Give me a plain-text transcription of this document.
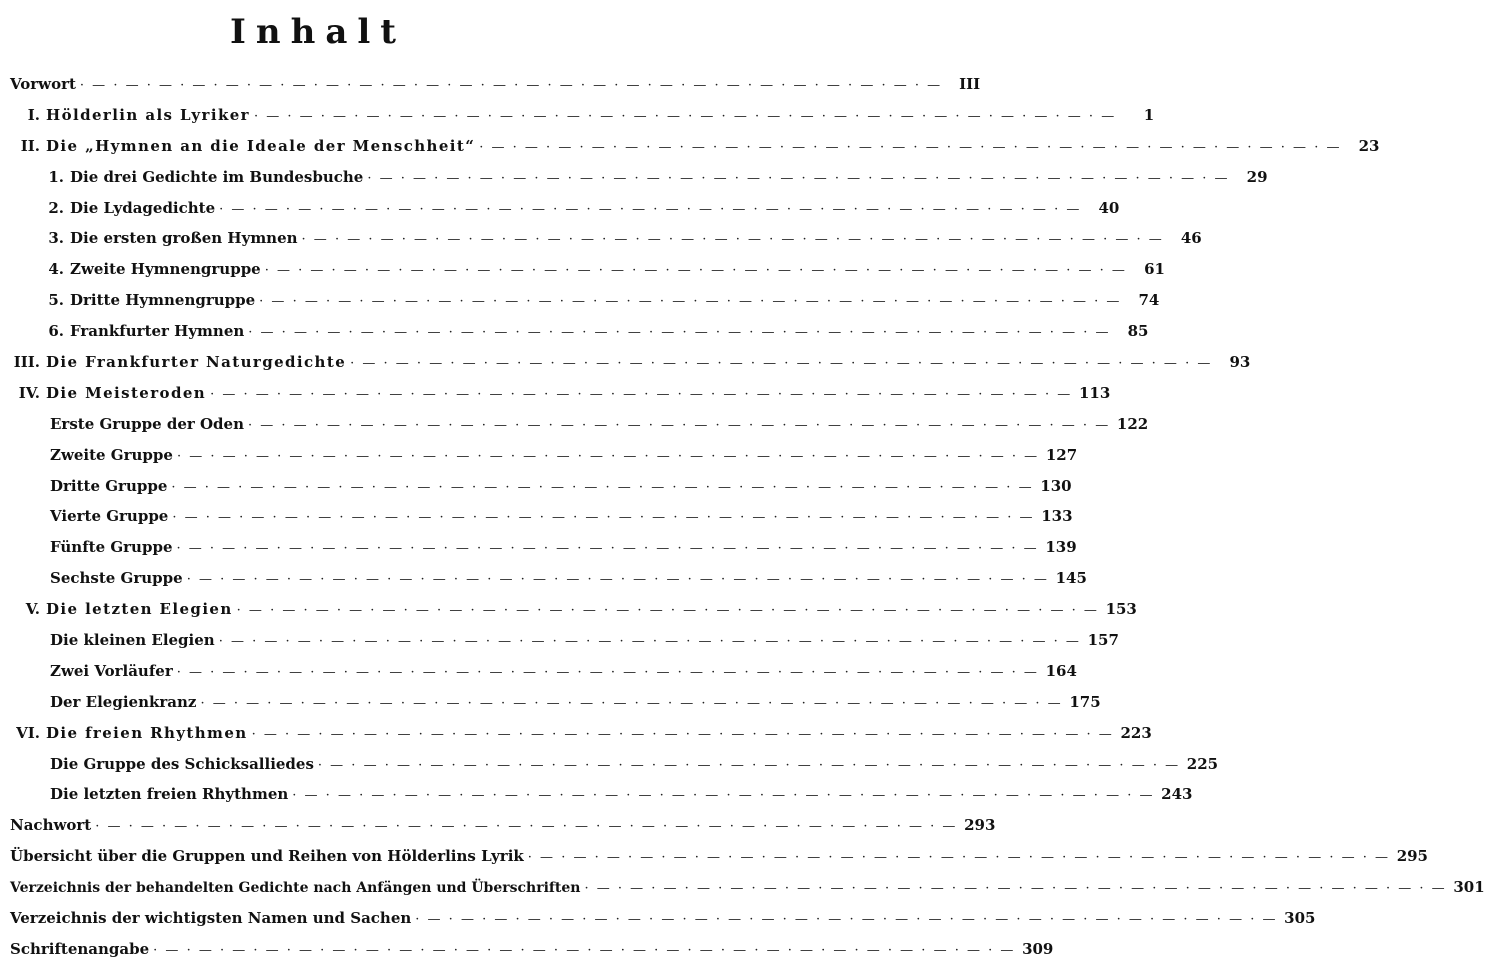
Inhalt
Vorwort · — ·	III
I. Hölderlin als Lyriker · — ·	1
II. Die „Hymnen an die Ideale der Menschheit“ · — ·	23
1. Die drei Gedichte im Bundesbuche · — ·	29
2. Die Lydagedichte · — ·	40
3. Die ersten großen Hymnen · — ·	46
4. Zweite Hymnengruppe · — ·	61
5. Dritte Hymnengruppe · — ·	74
6. Frankfurter Hymnen · — ·	85
III. Die Frankfurter Naturgedichte · — ·	93
IV. Die Meisteroden · — ·	113
Erste Gruppe der Oden · — ·	122
Zweite Gruppe · — ·	127
Dritte Gruppe · — ·	130
Vierte Gruppe · — ·	133
Fünfte Gruppe · — ·	139
Sechste Gruppe · — ·	145
V. Die letzten Elegien · — ·	153
Die kleinen Elegien · — ·	157
Zwei Vorläufer · — ·	164
Der Elegienkranz · — ·	175
VI. Die freien Rhythmen · — ·	223
Die Gruppe des Schicksalliedes · — ·	225
Die letzten freien Rhythmen · — ·	243
Nachwort · — ·	293
Übersicht über die Gruppen und Reihen von Hölderlins Lyrik · — ·	295
Verzeichnis der behandelten Gedichte nach Anfängen und Überschriften · — ·	301
Verzeichnis der wichtigsten Namen und Sachen · — ·	305
Schriftenangabe · — ·	309
